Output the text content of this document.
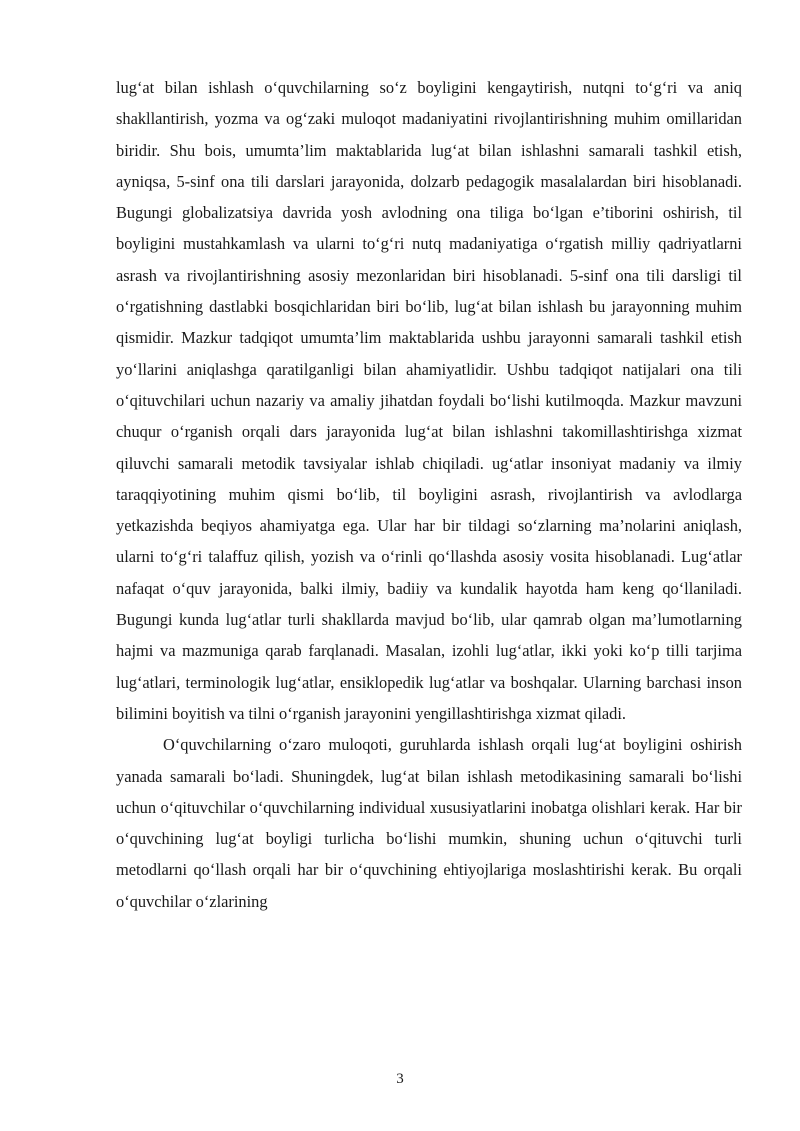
lug‘at bilan ishlash o‘quvchilarning so‘z boyligini kengaytirish, nutqni to‘g‘ri va aniq shakllantirish, yozma va og‘zaki muloqot madaniyatini rivojlantirishning muhim omillaridan biridir. Shu bois, umumta’lim maktablarida lug‘at bilan ishlashni samarali tashkil etish, ayniqsa, 5-sinf ona tili darslari jarayonida, dolzarb pedagogik masalalardan biri hisoblanadi. Bugungi globalizatsiya davrida yosh avlodning ona tiliga bo‘lgan e’tiborini oshirish, til boyligini mustahkamlash va ularni to‘g‘ri nutq madaniyatiga o‘rgatish milliy qadriyatlarni asrash va rivojlantirishning asosiy mezonlaridan biri hisoblanadi. 5-sinf ona tili darsligi til o‘rgatishning dastlabki bosqichlaridan biri bo‘lib, lug‘at bilan ishlash bu jarayonning muhim qismidir. Mazkur tadqiqot umumta’lim maktablarida ushbu jarayonni samarali tashkil etish yo‘llarini aniqlashga qaratilganligi bilan ahamiyatlidir. Ushbu tadqiqot natijalari ona tili o‘qituvchilari uchun nazariy va amaliy jihatdan foydali bo‘lishi kutilmoqda. Mazkur mavzuni chuqur o‘rganish orqali dars jarayonida lug‘at bilan ishlashni takomillashtirishga xizmat qiluvchi samarali metodik tavsiyalar ishlab chiqiladi. ug‘atlar insoniyat madaniy va ilmiy taraqqiyotining muhim qismi bo‘lib, til boyligini asrash, rivojlantirish va avlodlarga yetkazishda beqiyos ahamiyatga ega. Ular har bir tildagi so‘zlarning ma’nolarini aniqlash, ularni to‘g‘ri talaffuz qilish, yozish va o‘rinli qo‘llashda asosiy vosita hisoblanadi. Lug‘atlar nafaqat o‘quv jarayonida, balki ilmiy, badiiy va kundalik hayotda ham keng qo‘llaniladi. Bugungi kunda lug‘atlar turli shakllarda mavjud bo‘lib, ular qamrab olgan ma’lumotlarning hajmi va mazmuniga qarab farqlanadi. Masalan, izohli lug‘atlar, ikki yoki ko‘p tilli tarjima lug‘atlari, terminologik lug‘atlar, ensiklopedik lug‘atlar va boshqalar. Ularning barchasi inson bilimini boyitish va tilni o‘rganish jarayonini yengillashtirishga xizmat qiladi.

O‘quvchilarning o‘zaro muloqoti, guruhlarda ishlash orqali lug‘at boyligini oshirish yanada samarali bo‘ladi. Shuningdek, lug‘at bilan ishlash metodikasining samarali bo‘lishi uchun o‘qituvchilar o‘quvchilarning individual xususiyatlarini inobatga olishlari kerak. Har bir o‘quvchining lug‘at boyligi turlicha bo‘lishi mumkin, shuning uchun o‘qituvchi turli metodlarni qo‘llash orqali har bir o‘quvchining ehtiyojlariga moslashtirishi kerak. Bu orqali o‘quvchilar o‘zlarining

3
